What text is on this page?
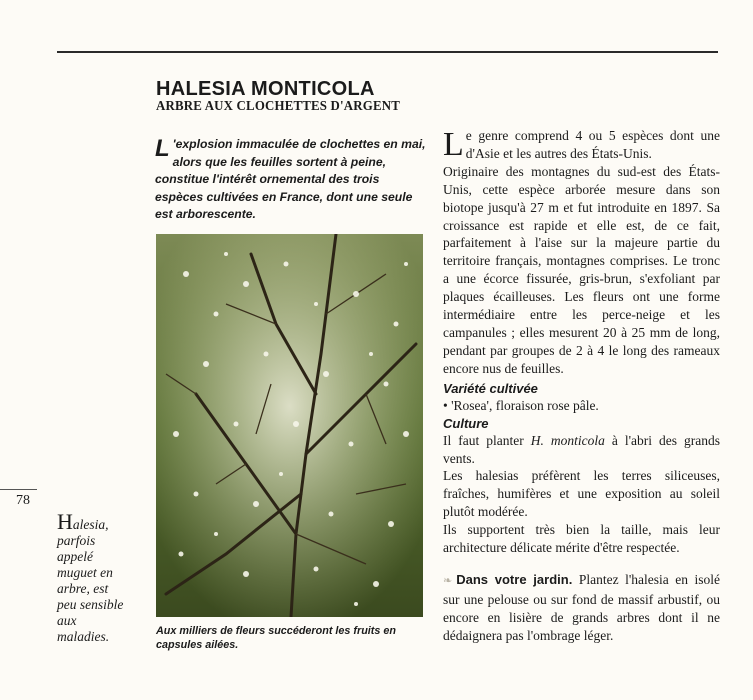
78
HALESIA MONTICOLA
ARBRE AUX CLOCHETTES D'ARGENT

L 'explosion immaculée de clochettes en mai, alors que les feuilles sortent à peine, constitue l'intérêt ornemental des trois espèces cultivées en France, dont une seule est arborescente.

Aux milliers de fleurs succéderont les fruits en capsules ailées.

Halesia, parfois appelé muguet en arbre, est peu sensible aux maladies.

Le genre comprend 4 ou 5 espèces dont une d'Asie et les autres des États-Unis.

Originaire des montagnes du sud-est des États-Unis, cette espèce arborée mesure dans son biotope jusqu'à 27 m et fut introduite en 1897. Sa croissance est rapide et elle est, de ce fait, parfaitement à l'aise sur la majeure partie du territoire français, montagnes comprises. Le tronc a une écorce fissurée, gris-brun, s'exfoliant par plaques écailleuses. Les fleurs ont une forme intermédiaire entre les perce-neige et les campanules ; elles mesurent 20 à 25 mm de long, pendant par groupes de 2 à 4 le long des rameaux encore nus de feuilles.

Variété cultivée
• 'Rosea', floraison rose pâle.
Culture

Il faut planter H. monticola à l'abri des grands vents.

Les halesias préfèrent les terres siliceuses, fraîches, humifères et une exposition au soleil plutôt modérée.

Ils supportent très bien la taille, mais leur architecture délicate mérite d'être respectée.

❧ Dans votre jardin. Plantez l'halesia en isolé sur une pelouse ou sur fond de massif arbustif, ou encore en lisière de grands arbres dont il ne dédaignera pas l'ombrage léger.
